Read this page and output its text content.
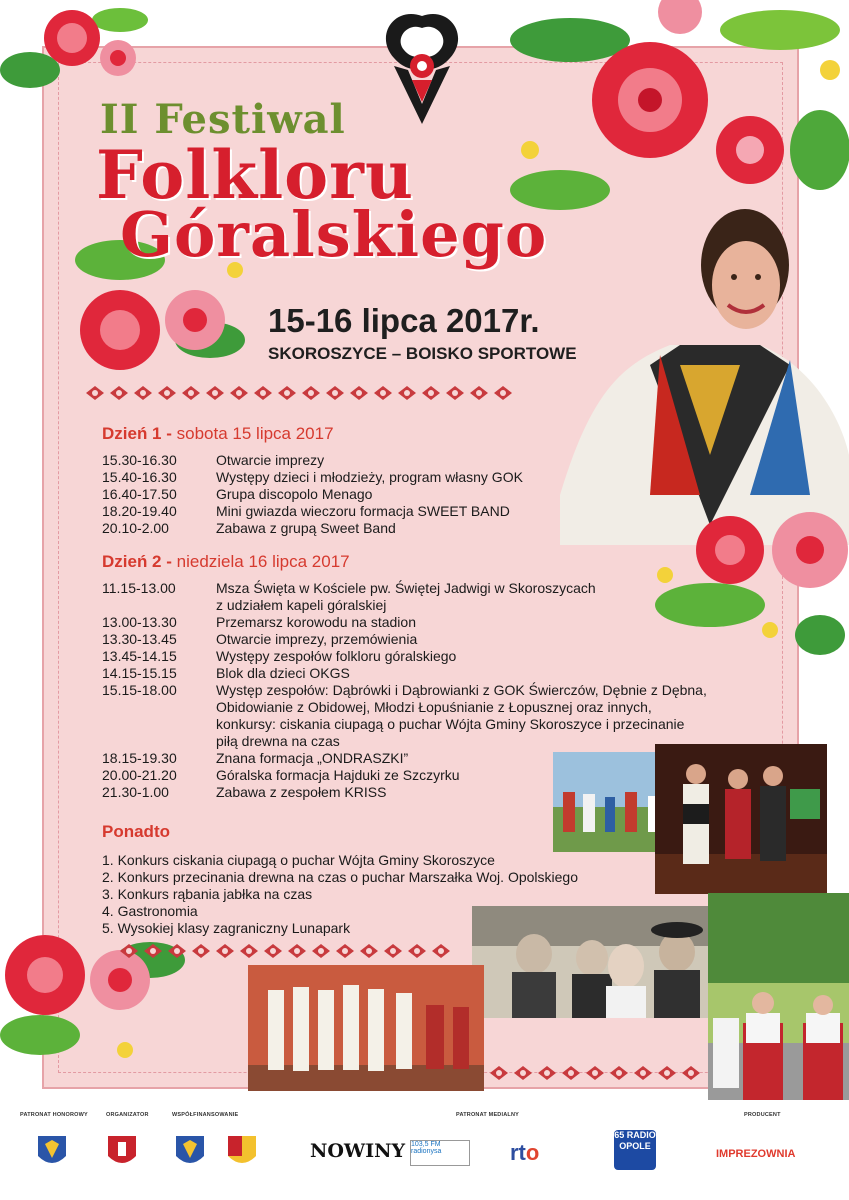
II Festiwal
Folkloru
Góralskiego
15-16 lipca 2017r.
SKOROSZYCE – BOISKO SPORTOWE
Dzień 1 - sobota 15 lipca 2017
15.30-16.30	Otwarcie imprezy
15.40-16.30	Występy dzieci i młodzieży, program własny GOK
16.40-17.50	Grupa discopolo Menago
18.20-19.40	Mini gwiazda wieczoru formacja SWEET BAND
20.10-2.00	Zabawa z grupą Sweet Band
Dzień 2 - niedziela 16 lipca 2017
11.15-13.00	Msza Święta w Kościele pw. Świętej Jadwigi w Skoroszycach
z udziałem kapeli góralskiej
13.00-13.30	Przemarsz korowodu na stadion
13.30-13.45	Otwarcie imprezy, przemówienia
13.45-14.15	Występy zespołów folkloru góralskiego
14.15-15.15	Blok dla dzieci OKGS
15.15-18.00	Występ zespołów: Dąbrówki i Dąbrowianki z GOK Świerczów, Dębnie z Dębna,
Obidowianie z Obidowej, Młodzi Łopuśnianie z Łopusznej oraz innych,
konkursy: ciskania ciupagą o puchar Wójta Gminy Skoroszyce i przecinanie
piłą drewna na czas
18.15-19.30	Znana formacja „ONDRASZKI”
20.00-21.20	Góralska formacja Hajduki ze Szczyrku
21.30-1.00	Zabawa z zespołem KRISS
Ponadto
1. Konkurs ciskania ciupagą o puchar Wójta Gminy Skoroszyce
2. Konkurs przecinania drewna na czas o puchar Marszałka Woj. Opolskiego
3. Konkurs rąbania jabłka na czas
4. Gastronomia
5. Wysokiej klasy zagraniczny Lunapark
PATRONAT HONOROWY	ORGANIZATOR	WSPÓŁFINANSOWANIE	PATRONAT MEDIALNY	PRODUCENT
NOWINY 103,5 FM radionysa	rto
65 RADIO OPOLE
IMPREZOWNIA
